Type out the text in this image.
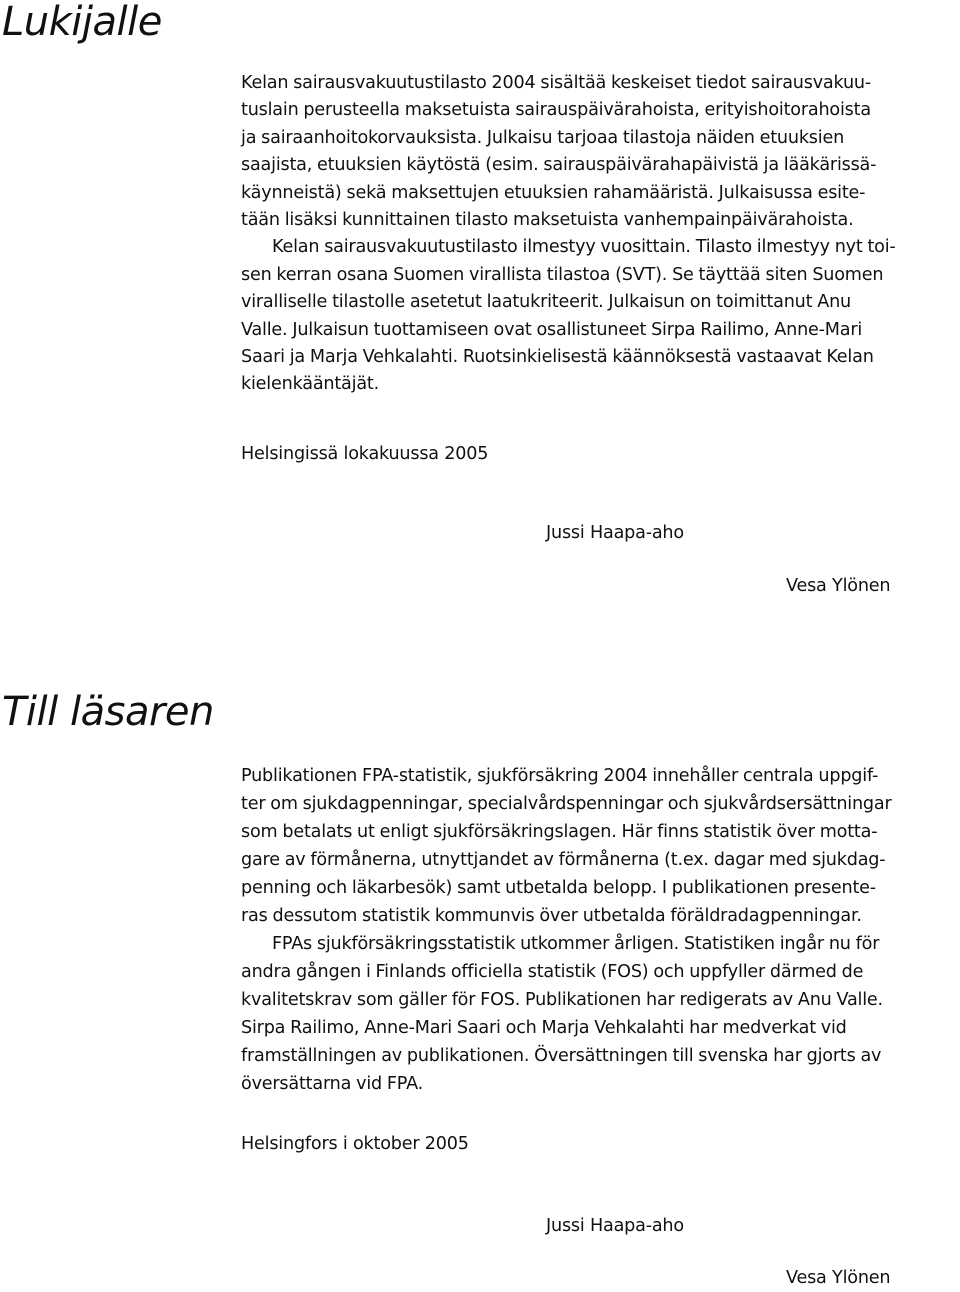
Lukijalle
Kelan sairausvakuutustilasto 2004 sisältää keskeiset tiedot sairausvakuu-
tuslain perusteella maksetuista sairauspäivärahoista, erityishoitorahoista
ja sairaanhoitokorvauksista. Julkaisu tarjoaa tilastoja näiden etuuksien
saajista, etuuksien käytöstä (esim. sairauspäivärahapäivistä ja lääkärissä-
käynneistä) sekä maksettujen etuuksien rahamääristä. Julkaisussa esite-
tään lisäksi kunnittainen tilasto maksetuista vanhempainpäivärahoista.
Kelan sairausvakuutustilasto ilmestyy vuosittain. Tilasto ilmestyy nyt toi-
sen kerran osana Suomen virallista tilastoa (SVT). Se täyttää siten Suomen
viralliselle tilastolle asetetut laatukriteerit. Julkaisun on toimittanut Anu
Valle. Julkaisun tuottamiseen ovat osallistuneet Sirpa Railimo, Anne-Mari
Saari ja Marja Vehkalahti. Ruotsinkielisestä käännöksestä vastaavat Kelan
kielenkääntäjät.

Helsingissä lokakuussa 2005

Jussi Haapa-aho

Vesa Ylönen

Till läsaren
Publikationen FPA-statistik, sjukförsäkring 2004 innehåller centrala uppgif-
ter om sjukdagpenningar, specialvårdspenningar och sjukvårdsersättningar
som betalats ut enligt sjukförsäkringslagen. Här finns statistik över motta-
gare av förmånerna, utnyttjandet av förmånerna (t.ex. dagar med sjukdag-
penning och läkarbesök) samt utbetalda belopp. I publikationen presente-
ras dessutom statistik kommunvis över utbetalda föräldradagpenningar.
FPAs sjukförsäkringsstatistik utkommer årligen. Statistiken ingår nu för
andra gången i Finlands officiella statistik (FOS) och uppfyller därmed de
kvalitetskrav som gäller för FOS. Publikationen har redigerats av Anu Valle.
Sirpa Railimo, Anne-Mari Saari och Marja Vehkalahti har medverkat vid
framställningen av publikationen. Översättningen till svenska har gjorts av
översättarna vid FPA.

Helsingfors i oktober 2005

Jussi Haapa-aho

Vesa Ylönen
